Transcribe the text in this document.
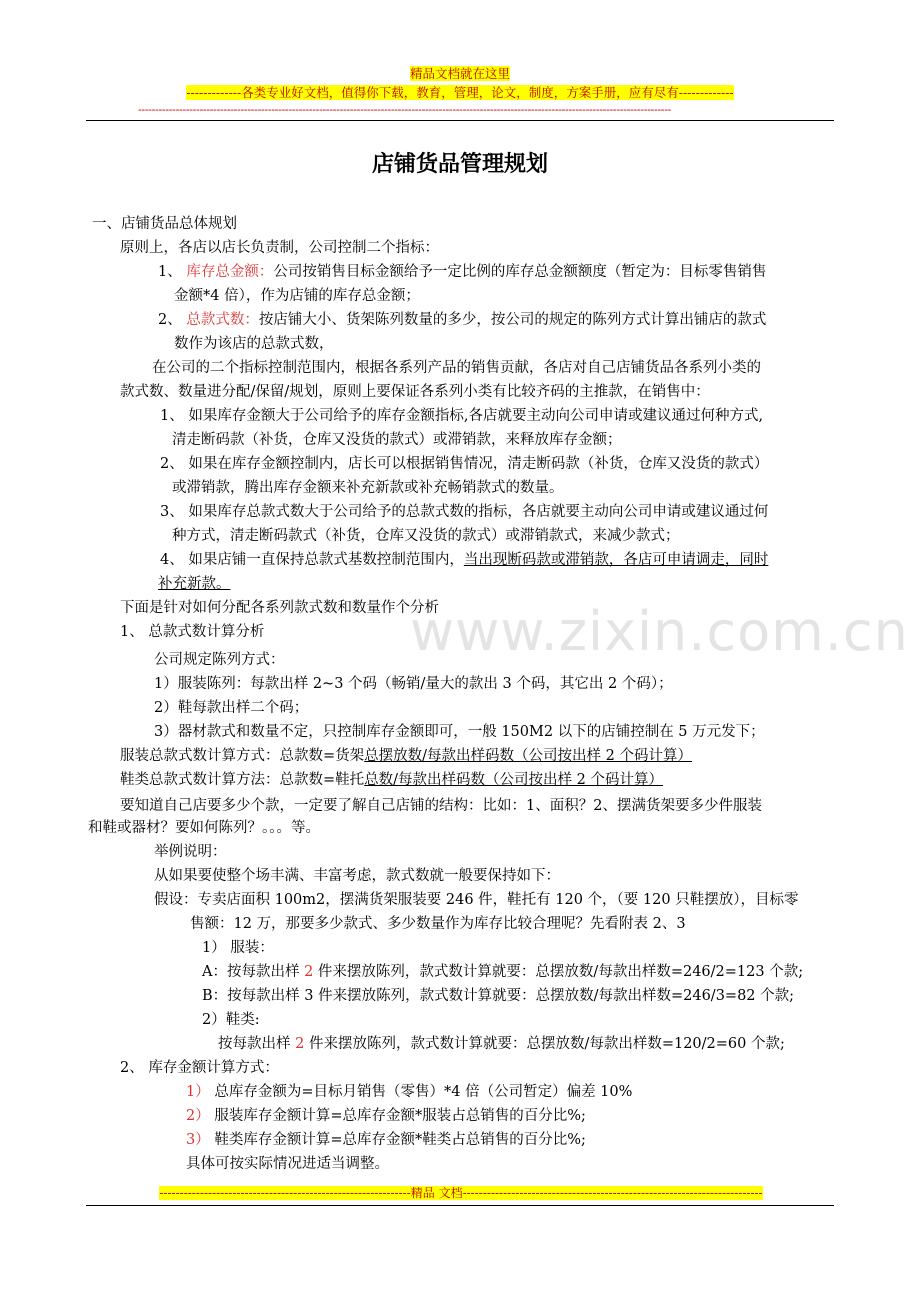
精品文档就在这里
-------------各类专业好文档，值得你下载，教育，管理，论文，制度，方案手册，应有尽有-------------
------------------------------------------------------------------------------------------------------------------------------------------------------------
www.zixin.com.cn
店铺货品管理规划
一、店铺货品总体规划
原则上，各店以店长负责制，公司控制二个指标：
1、 库存总金额：公司按销售目标金额给予一定比例的库存总金额额度（暂定为：目标零售销售
金额*4 倍），作为店铺的库存总金额；
2、 总款式数：按店铺大小、货架陈列数量的多少，按公司的规定的陈列方式计算出铺店的款式
数作为该店的总款式数，
在公司的二个指标控制范围内，根据各系列产品的销售贡献，各店对自己店铺货品各系列小类的
款式数、数量进分配/保留/规划，原则上要保证各系列小类有比较齐码的主推款，在销售中：
1、 如果库存金额大于公司给予的库存金额指标,各店就要主动向公司申请或建议通过何种方式,
清走断码款（补货，仓库又没货的款式）或滞销款，来释放库存金额；
2、 如果在库存金额控制内，店长可以根据销售情况，清走断码款（补货，仓库又没货的款式）
或滞销款，腾出库存金额来补充新款或补充畅销款式的数量。
3、 如果库存总款式数大于公司给予的总款式数的指标，各店就要主动向公司申请或建议通过何
种方式，清走断码款式（补货，仓库又没货的款式）或滞销款式，来减少款式；
4、 如果店铺一直保持总款式基数控制范围内，当出现断码款或滞销款，各店可申请调走，同时
补充新款。
下面是针对如何分配各系列款式数和数量作个分析
1、 总款式数计算分析
公司规定陈列方式：
1）服装陈列：每款出样 2~3 个码（畅销/量大的款出 3 个码，其它出 2 个码）；
2）鞋每款出样二个码；
3）器材款式和数量不定，只控制库存金额即可，一般 150M2 以下的店铺控制在 5 万元发下；
服装总款式数计算方式：总款数=货架总摆放数/每款出样码数（公司按出样 2 个码计算）
鞋类总款式数计算方法：总款数=鞋托总数/每款出样码数（公司按出样 2 个码计算）
要知道自己店要多少个款，一定要了解自己店铺的结构：比如：1、面积？2、摆满货架要多少件服装
和鞋或器材？要如何陈列？。。。等。
举例说明：
从如果要使整个场丰满、丰富考虑，款式数就一般要保持如下：
假设：专卖店面积 100m2，摆满货架服装要 246 件，鞋托有 120 个，（要 120 只鞋摆放），目标零
售额：12 万，那要多少款式、多少数量作为库存比较合理呢？先看附表 2、3
1） 服装：
A：按每款出样 2 件来摆放陈列，款式数计算就要：总摆放数/每款出样数=246/2=123 个款;
B：按每款出样 3 件来摆放陈列，款式数计算就要：总摆放数/每款出样数=246/3=82 个款;
2）鞋类:
按每款出样 2 件来摆放陈列，款式数计算就要：总摆放数/每款出样数=120/2=60 个款;
2、 库存金额计算方式：
1） 总库存金额为=目标月销售（零售）*4 倍（公司暂定）偏差 10%
2） 服装库存金额计算=总库存金额*服装占总销售的百分比%;
3） 鞋类库存金额计算=总库存金额*鞋类占总销售的百分比%;
具体可按实际情况进适当调整。
--------------------------------------------------------------精品 文档--------------------------------------------------------------------------
